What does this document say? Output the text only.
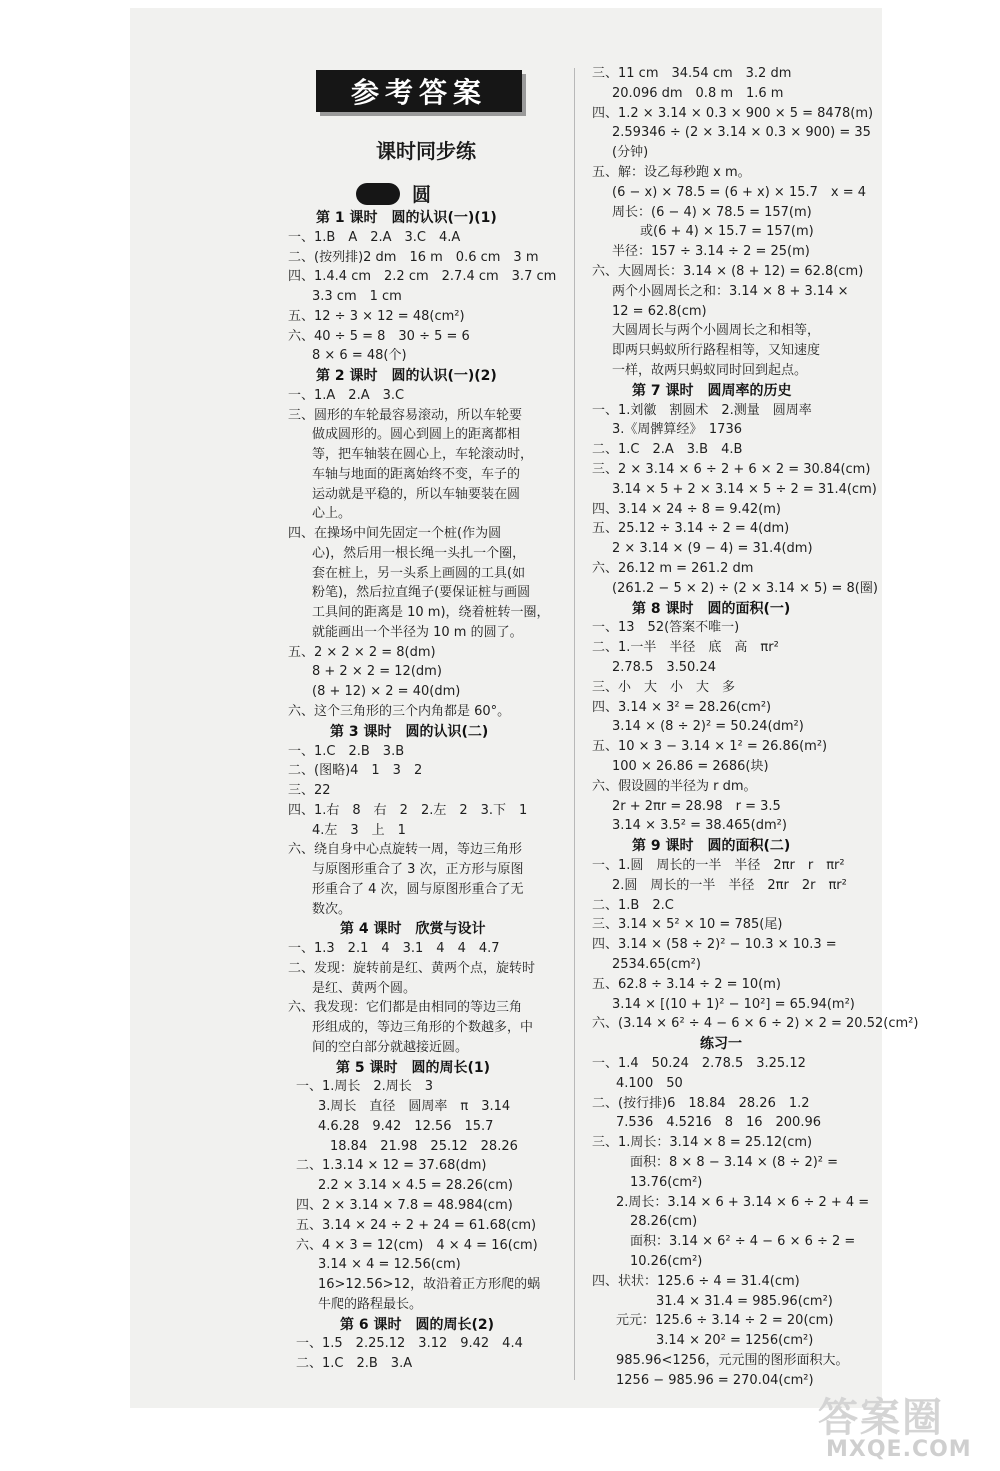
参考答案
课时同步练
圆
第 1 课时　圆的认识(一)(1)
一、1.B　A　2.A　3.C　4.A
二、(按列排)2 dm　16 m　0.6 cm　3 m
四、1.4.4 cm　2.2 cm　2.7.4 cm　3.7 cm
3.3 cm　1 cm
五、12 ÷ 3 × 12 = 48(cm²)
六、40 ÷ 5 = 8　30 ÷ 5 = 6
8 × 6 = 48(个)
第 2 课时　圆的认识(一)(2)
一、1.A　2.A　3.C
三、圆形的车轮最容易滚动，所以车轮要
做成圆形的。圆心到圆上的距离都相
等，把车轴装在圆心上，车轮滚动时，
车轴与地面的距离始终不变，车子的
运动就是平稳的，所以车轴要装在圆
心上。
四、在操场中间先固定一个桩(作为圆
心)，然后用一根长绳一头扎一个圈，
套在桩上，另一头系上画圆的工具(如
粉笔)，然后拉直绳子(要保证桩与画圆
工具间的距离是 10 m)，绕着桩转一圈，
就能画出一个半径为 10 m 的圆了。
五、2 × 2 × 2 = 8(dm)
8 + 2 × 2 = 12(dm)
(8 + 12) × 2 = 40(dm)
六、这个三角形的三个内角都是 60°。
第 3 课时　圆的认识(二)
一、1.C　2.B　3.B
二、(图略)4　1　3　2
三、22
四、1.右　8　右　2　2.左　2　3.下　1
4.左　3　上　1
六、绕自身中心点旋转一周，等边三角形
与原图形重合了 3 次，正方形与原图
形重合了 4 次，圆与原图形重合了无
数次。
第 4 课时　欣赏与设计
一、1.3　2.1　4　3.1　4　4　4.7
二、发现：旋转前是红、黄两个点，旋转时
是红、黄两个圆。
六、我发现：它们都是由相同的等边三角
形组成的，等边三角形的个数越多，中
间的空白部分就越接近圆。
第 5 课时　圆的周长(1)
一、1.周长　2.周长　3
3.周长　直径　圆周率　π　3.14
4.6.28　9.42　12.56　15.7
18.84　21.98　25.12　28.26
二、1.3.14 × 12 = 37.68(dm)
2.2 × 3.14 × 4.5 = 28.26(cm)
四、2 × 3.14 × 7.8 = 48.984(cm)
五、3.14 × 24 ÷ 2 + 24 = 61.68(cm)
六、4 × 3 = 12(cm)　4 × 4 = 16(cm)
3.14 × 4 = 12.56(cm)
16>12.56>12，故沿着正方形爬的蜗
牛爬的路程最长。
第 6 课时　圆的周长(2)
一、1.5　2.25.12　3.12　9.42　4.4
二、1.C　2.B　3.A
三、11 cm　34.54 cm　3.2 dm
20.096 dm　0.8 m　1.6 m
四、1.2 × 3.14 × 0.3 × 900 × 5 = 8478(m)
2.59346 ÷ (2 × 3.14 × 0.3 × 900) = 35
(分钟)
五、解：设乙每秒跑 x m。
(6 − x) × 78.5 = (6 + x) × 15.7　x = 4
周长：(6 − 4) × 78.5 = 157(m)
或(6 + 4) × 15.7 = 157(m)
半径：157 ÷ 3.14 ÷ 2 = 25(m)
六、大圆周长：3.14 × (8 + 12) = 62.8(cm)
两个小圆周长之和：3.14 × 8 + 3.14 ×
12 = 62.8(cm)
大圆周长与两个小圆周长之和相等，
即两只蚂蚁所行路程相等，又知速度
一样，故两只蚂蚁同时回到起点。
第 7 课时　圆周率的历史
一、1.刘徽　割圆术　2.测量　圆周率
3.《周髀算经》　1736
二、1.C　2.A　3.B　4.B
三、2 × 3.14 × 6 ÷ 2 + 6 × 2 = 30.84(cm)
3.14 × 5 + 2 × 3.14 × 5 ÷ 2 = 31.4(cm)
四、3.14 × 24 ÷ 8 = 9.42(m)
五、25.12 ÷ 3.14 ÷ 2 = 4(dm)
2 × 3.14 × (9 − 4) = 31.4(dm)
六、26.12 m = 261.2 dm
(261.2 − 5 × 2) ÷ (2 × 3.14 × 5) = 8(圈)
第 8 课时　圆的面积(一)
一、13　52(答案不唯一)
二、1.一半　半径　底　高　πr²
2.78.5　3.50.24
三、小　大　小　大　多
四、3.14 × 3² = 28.26(cm²)
3.14 × (8 ÷ 2)² = 50.24(dm²)
五、10 × 3 − 3.14 × 1² = 26.86(m²)
100 × 26.86 = 2686(块)
六、假设圆的半径为 r dm。
2r + 2πr = 28.98　r = 3.5
3.14 × 3.5² = 38.465(dm²)
第 9 课时　圆的面积(二)
一、1.圆　周长的一半　半径　2πr　r　πr²
2.圆　周长的一半　半径　2πr　2r　πr²
二、1.B　2.C
三、3.14 × 5² × 10 = 785(尾)
四、3.14 × (58 ÷ 2)² − 10.3 × 10.3 =
2534.65(cm²)
五、62.8 ÷ 3.14 ÷ 2 = 10(m)
3.14 × [(10 + 1)² − 10²] = 65.94(m²)
六、(3.14 × 6² ÷ 4 − 6 × 6 ÷ 2) × 2 = 20.52(cm²)
练习一
一、1.4　50.24　2.78.5　3.25.12
4.100　50
二、(按行排)6　18.84　28.26　1.2
7.536　4.5216　8　16　200.96
三、1.周长：3.14 × 8 = 25.12(cm)
面积：8 × 8 − 3.14 × (8 ÷ 2)² =
13.76(cm²)
2.周长：3.14 × 6 + 3.14 × 6 ÷ 2 + 4 =
28.26(cm)
面积：3.14 × 6² ÷ 4 − 6 × 6 ÷ 2 =
10.26(cm²)
四、状状：125.6 ÷ 4 = 31.4(cm)
31.4 × 31.4 = 985.96(cm²)
元元：125.6 ÷ 3.14 ÷ 2 = 20(cm)
3.14 × 20² = 1256(cm²)
985.96<1256，元元围的图形面积大。
1256 − 985.96 = 270.04(cm²)
答案圈
MXQE.COM
